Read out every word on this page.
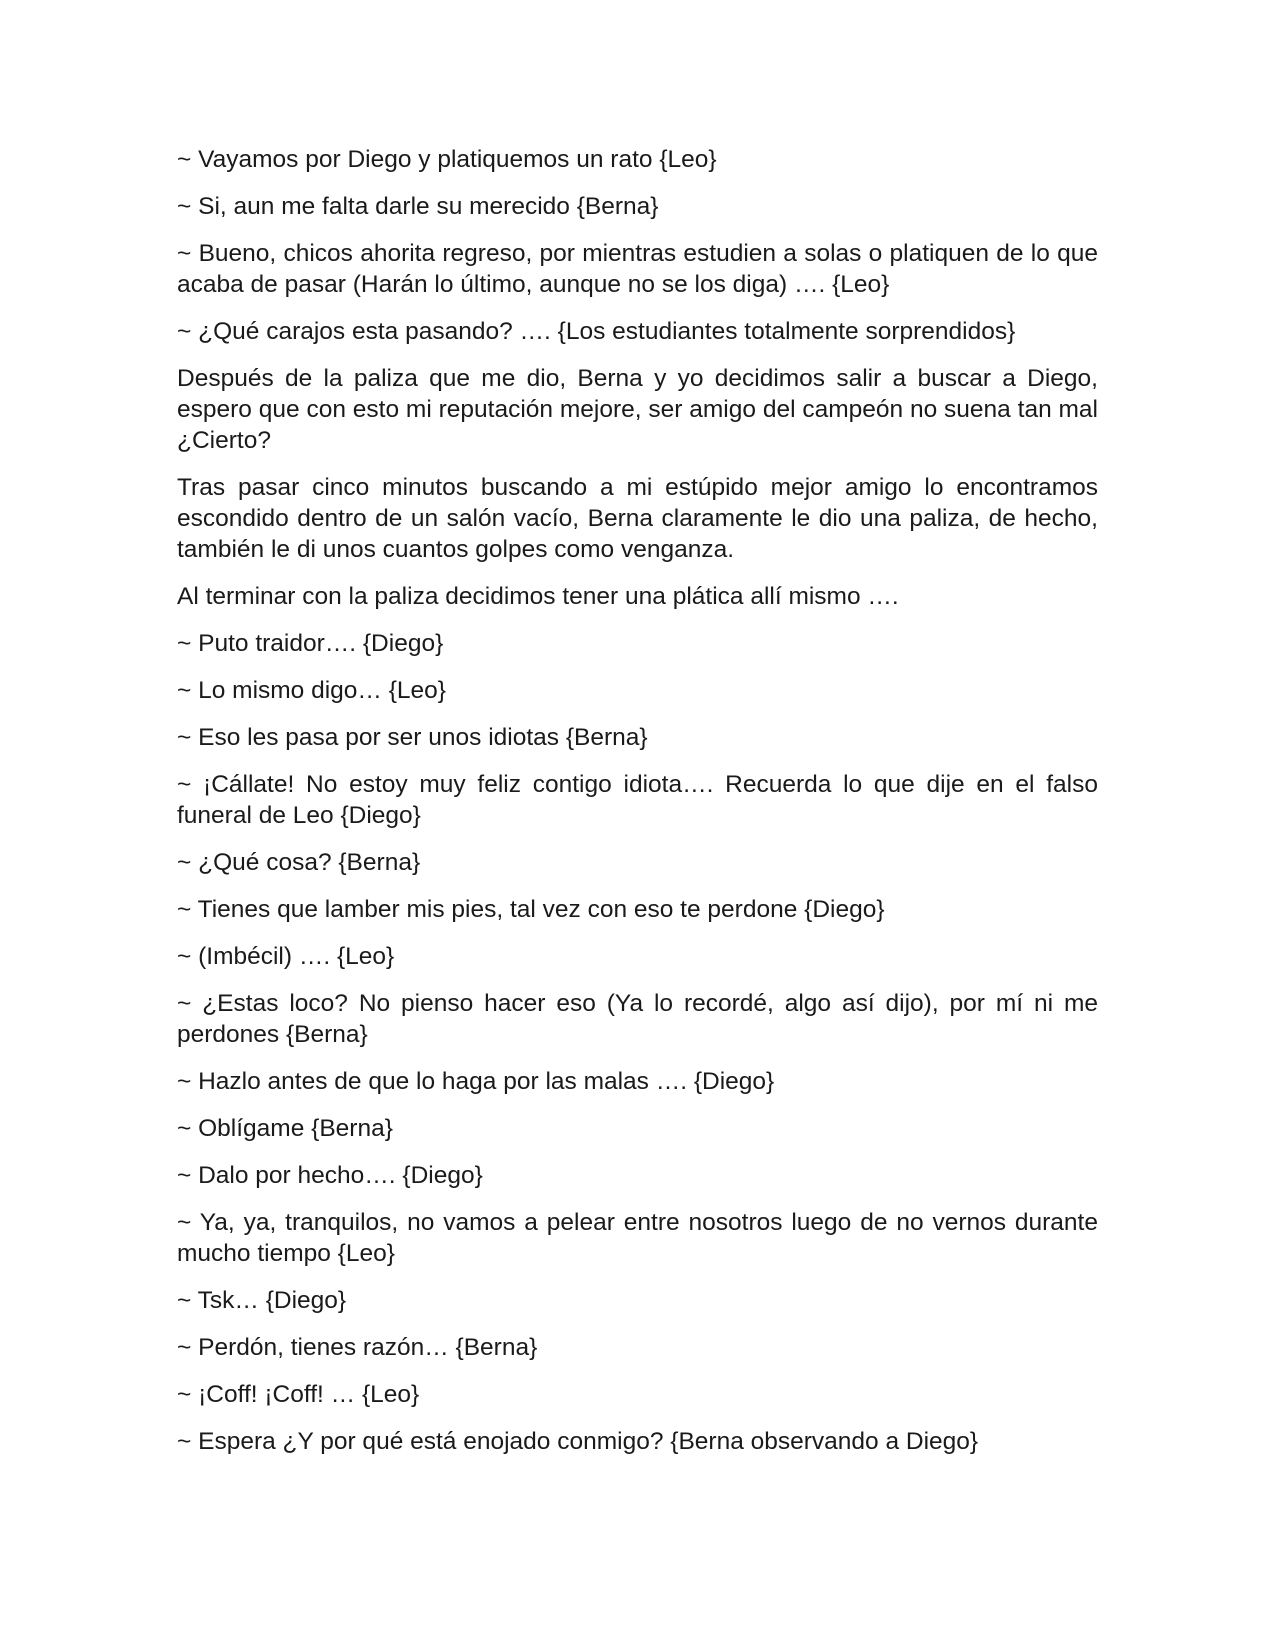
~ Vayamos por Diego y platiquemos un rato {Leo}

~ Si, aun me falta darle su merecido {Berna}

~ Bueno, chicos ahorita regreso, por mientras estudien a solas o platiquen de lo que acaba de pasar (Harán lo último, aunque no se los diga) …. {Leo}

~ ¿Qué carajos esta pasando? …. {Los estudiantes totalmente sorprendidos}

Después de la paliza que me dio, Berna y yo decidimos salir a buscar a Diego, espero que con esto mi reputación mejore, ser amigo del campeón no suena tan mal ¿Cierto?

Tras pasar cinco minutos buscando a mi estúpido mejor amigo lo encontramos escondido dentro de un salón vacío, Berna claramente le dio una paliza, de hecho, también le di unos cuantos golpes como venganza.

Al terminar con la paliza decidimos tener una plática allí mismo ….

~ Puto traidor…. {Diego}

~ Lo mismo digo… {Leo}

~ Eso les pasa por ser unos idiotas {Berna}

~ ¡Cállate! No estoy muy feliz contigo idiota…. Recuerda lo que dije en el falso funeral de Leo {Diego}

~ ¿Qué cosa? {Berna}

~ Tienes que lamber mis pies, tal vez con eso te perdone {Diego}

~ (Imbécil) …. {Leo}

~ ¿Estas loco? No pienso hacer eso (Ya lo recordé, algo así dijo), por mí ni me perdones {Berna}

~ Hazlo antes de que lo haga por las malas …. {Diego}

~ Oblígame {Berna}

~ Dalo por hecho…. {Diego}

~ Ya, ya, tranquilos, no vamos a pelear entre nosotros luego de no vernos durante mucho tiempo {Leo}

~ Tsk… {Diego}

~ Perdón, tienes razón… {Berna}

~ ¡Coff! ¡Coff! … {Leo}

~ Espera ¿Y por qué está enojado conmigo? {Berna observando a Diego}
